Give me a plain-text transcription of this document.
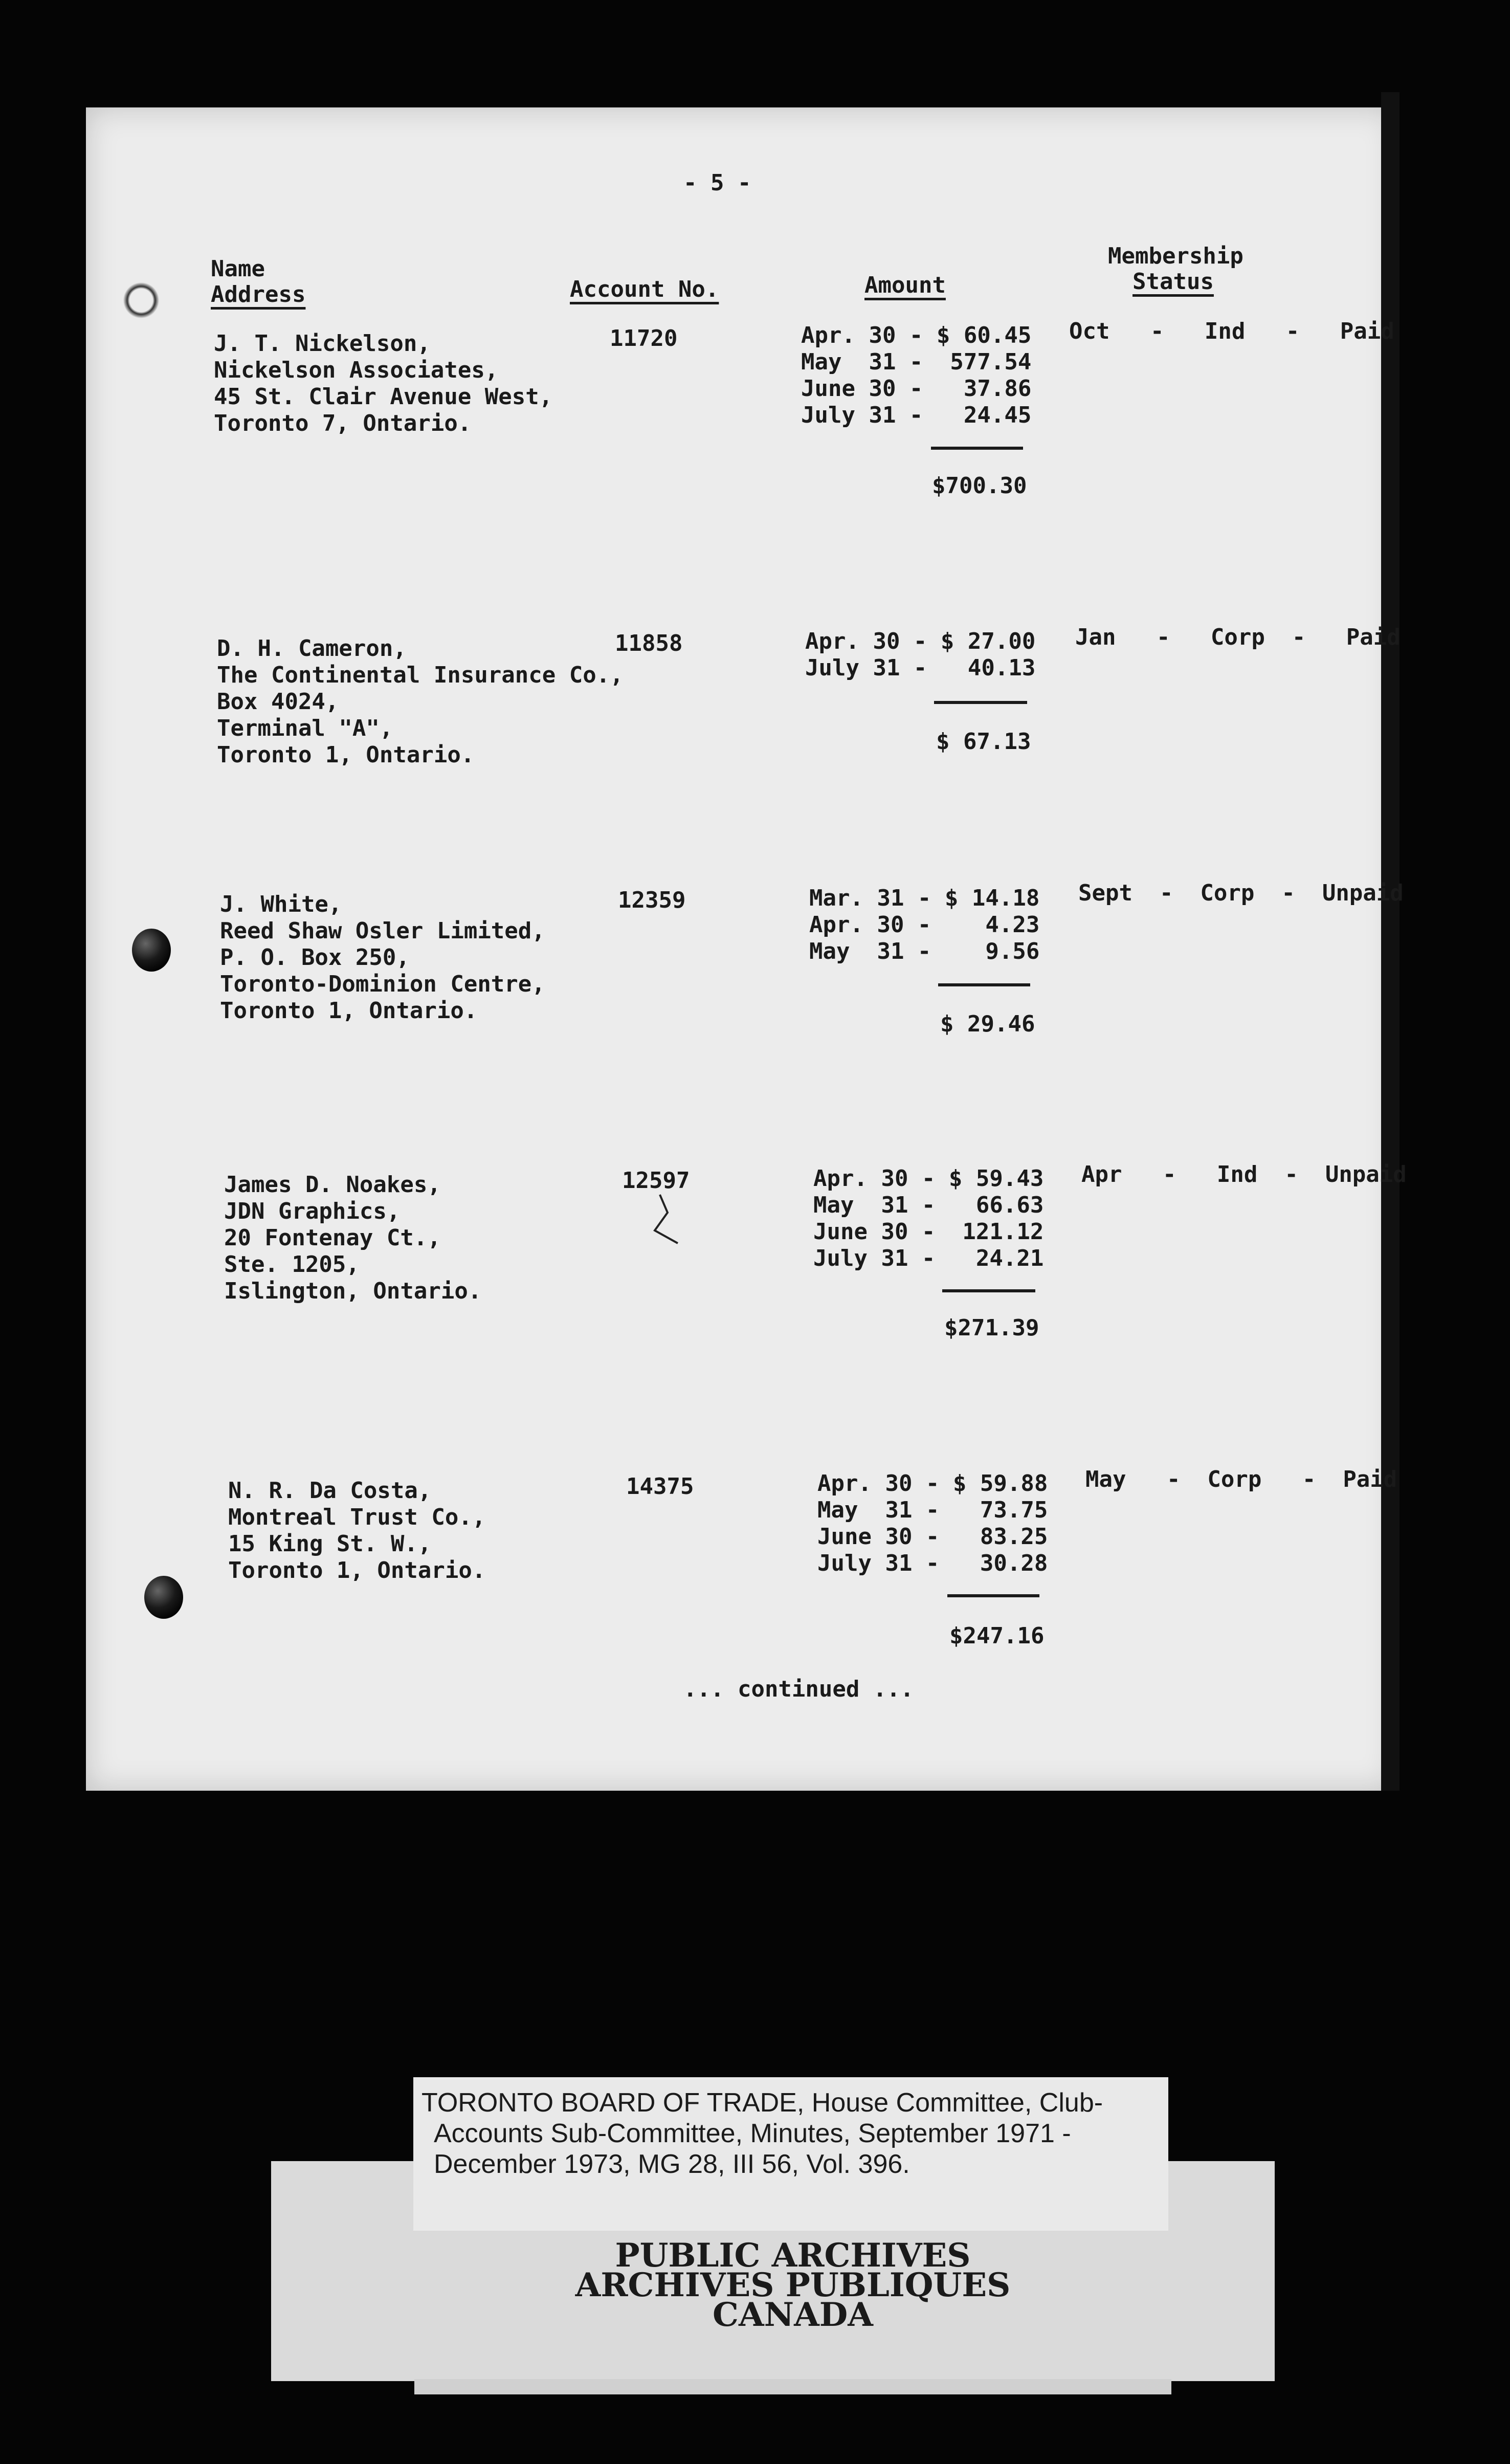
- 5 -
Name
Address	Account No.	Amount
Membership
Status
J. T. Nickelson,
Nickelson Associates,
45 St. Clair Avenue West,
Toronto 7, Ontario.
11720	Apr. 30 - $ 60.45
May  31 -  577.54
June 30 -   37.86
July 31 -   24.45
$700.30
Oct   -   Ind   -   Paid
D. H. Cameron,
The Continental Insurance Co.,
Box 4024,
Terminal "A",
Toronto 1, Ontario.
11858	Apr. 30 - $ 27.00
July 31 -   40.13
$ 67.13
Jan   -   Corp  -   Paid
J. White,
Reed Shaw Osler Limited,
P. O. Box 250,
Toronto-Dominion Centre,
Toronto 1, Ontario.
12359	Mar. 31 - $ 14.18
Apr. 30 -    4.23
May  31 -    9.56
$ 29.46
Sept  -  Corp  -  Unpaid
James D. Noakes,
JDN Graphics,
20 Fontenay Ct.,
Ste. 1205,
Islington, Ontario.
12597	Apr. 30 - $ 59.43
May  31 -   66.63
June 30 -  121.12
July 31 -   24.21
$271.39
Apr   -   Ind  -  Unpaid
N. R. Da Costa,
Montreal Trust Co.,
15 King St. W.,
Toronto 1, Ontario.
14375	Apr. 30 - $ 59.88
May  31 -   73.75
June 30 -   83.25
July 31 -   30.28
$247.16
May   -  Corp   -  Paid
... continued ...
TORONTO BOARD OF TRADE, House Committee, Club-
Accounts Sub-Committee, Minutes, September 1971 -
December 1973, MG 28, III 56, Vol. 396.
PUBLIC ARCHIVES
ARCHIVES PUBLIQUES
CANADA
